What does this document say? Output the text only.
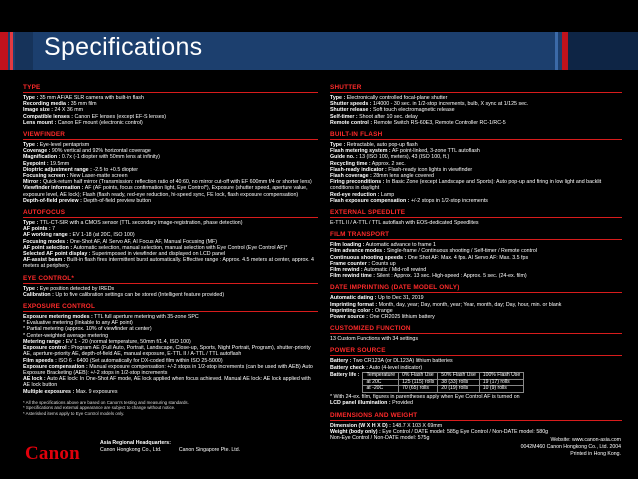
Specifications
TYPE
Type : 35 mm AF/AE SLR camera with built-in flash
Recording media : 35 mm film
Image size : 24 X 36 mm
Compatible lenses : Canon EF lenses (except EF-S lenses)
Lens mount : Canon EF mount (electronic control)
VIEWFINDER
Type : Eye-level pentaprism
Coverage : 90% vertical and 92% horizontal coverage
Magnification : 0.7x (-1 diopter with 50mm lens at infinity)
Eyepoint : 19.5mm
Dioptric adjustment range : -2.5 to +0.5 diopter
Focusing screen : New Laser-matte screen
Mirror : Quick-return half mirror (Transmission: reflection ratio of 40:60, no mirror cut-off with EF 600mm f/4 or shorter lens)
Viewfinder information : AF (AF points, focus confirmation light, Eye Control*), Exposure (shutter speed, aperture value, exposure level, AE lock); Flash (flash ready, red-eye reduction, hi-speed sync, FE lock, flash exposure compensation)
Depth-of-field preview : Depth-of-field preview button
AUTOFOCUS
Type : TTL-CT-SIR with a CMOS sensor (TTL secondary image-registration, phase detection)
AF points : 7
AF working range : EV 1-18 (at 20C, ISO 100)
Focusing modes : One-Shot AF, AI Servo AF, AI Focus AF, Manual Focusing (MF)
AF point selection : Automatic selection, manual selection, manual selection with Eye Control (Eye Control AF)*
Selected AF point display : Superimposed in viewfinder and displayed on LCD panel
AF-assist beam : Built-in flash fires intermittent burst automatically. Effective range : Approx. 4.5 meters at center, approx. 4 meters at periphery.
EYE CONTROL*
Type : Eye position detected by IREDs
Calibration : Up to five calibration settings can be stored (Intelligent feature provided)
EXPOSURE CONTROL
Exposure metering modes : TTL full aperture metering with 35-zone SPC
* Evaluative metering (linkable to any AF point)
* Partial metering (approx. 10% of viewfinder at center)
* Center-weighted average metering
Metering range : EV 1 - 20 (normal temperature, 50mm f/1.4, ISO 100)
Exposure control : Program AE (Full Auto, Portrait, Landscape, Close-up, Sports, Night Portrait, Program), shutter-priority AE, aperture-priority AE, depth-of-field AE, manual exposure, E-TTL II / A-TTL / TTL autoflash
Film speeds : ISO 6 - 6400 (Set automatically for DX-coded film within ISO 25-5000)
Exposure compensation : Manual exposure compensation: +/-2 stops in 1/2-stop increments (can be used with AEB) Auto Exposure Bracketing (AEB): +/-2 stops in 1/2-stop increments
AE lock : Auto AE lock: In One-Shot AF mode, AE lock applied when focus achieved. Manual AE lock: AE lock applied with AE lock button
Multiple exposures : Max. 9 exposures
* All the specifications above are based on Canon's testing and measuring standards.
* Specifications and external appearance are subject to change without notice.
* Asterisked items apply to Eye Control models only.
SHUTTER
Type : Electronically controlled focal-plane shutter
Shutter speeds : 1/4000 - 30 sec. in 1/2-stop increments, bulb, X sync at 1/125 sec.
Shutter release : Soft touch electromagnetic release
Self-timer : Shoot after 10 sec. delay
Remote control : Remote Switch RS-60E3, Remote Controller RC-1/RC-5
BUILT-IN FLASH
Type : Retractable, auto pop-up flash
Flash metering system : AF point-linked, 3-zone TTL autoflash
Guide no. : 13 (ISO 100, meters), 43 (ISO 100, ft.)
Recycling time : Approx. 2 sec.
Flash-ready indicator : Flash-ready icon lights in viewfinder
Flash coverage : 28mm lens angle covered
Firing preconditions : In Basic Zone (except Landscape and Sports): Auto pop-up and firing in low light and backlit conditions in daylight
Red-eye reduction : Lamp
Flash exposure compensation : +/-2 stops in 1/2-stop increments
EXTERNAL SPEEDLITE
E-TTL II / A-TTL / TTL autoflash with EOS-dedicated Speedlites
FILM TRANSPORT
Film loading : Automatic advance to frame 1
Film advance modes : Single-frame / Continuous shooting / Self-timer / Remote control
Continuous shooting speeds : One Shot AF: Max. 4 fps. AI Servo AF: Max. 3.5 fps
Frame counter : Counts up
Film rewind : Automatic / Mid-roll rewind
Film rewind time : Silent : Approx. 13 sec. High-speed : Approx. 5 sec. (24-ex. film)
DATE IMPRINTING (DATE MODEL ONLY)
Automatic dating : Up to Dec 31, 2019
Imprinting format : Month, day, year; Day, month, year; Year, month, day; Day, hour, min. or blank
Imprinting color : Orange
Power source : One CR2025 lithium battery
CUSTOMIZED FUNCTION
13 Custom Functions with 34 settings
POWER SOURCE
Battery : Two CR123A (or DL123A) lithium batteries
Battery check : Auto (4-level indicator)
Battery life :	Temperature	0% Flash Use	50% Flash Use	100% Flash Use
	at 20C	125 (115) rolls	38 (33) rolls	19 (17) rolls
	at -20C	70 (65) rolls	20 (19) rolls	10 (9) rolls
* With 24-ex. film, figures in parentheses apply when Eye Control AF is turned on
LCD panel illumination : Provided
DIMENSIONS AND WEIGHT
Dimension (W X H X D) : 148.7 X 103 X 69mm
Weight (body only) : Eye Control / DATE model: 585g Eye Control / Non-DATE model: 580g
Non-Eye Control / Non-DATE model: 575g
Canon	Asia Regional Headquarters:
Canon Hongkong Co., Ltd.	Canon Singapore Pte. Ltd.
Website: www.canon-asia.com
0042M460 Canon Hongkong Co., Ltd. 2004
Printed in Hong Kong.
